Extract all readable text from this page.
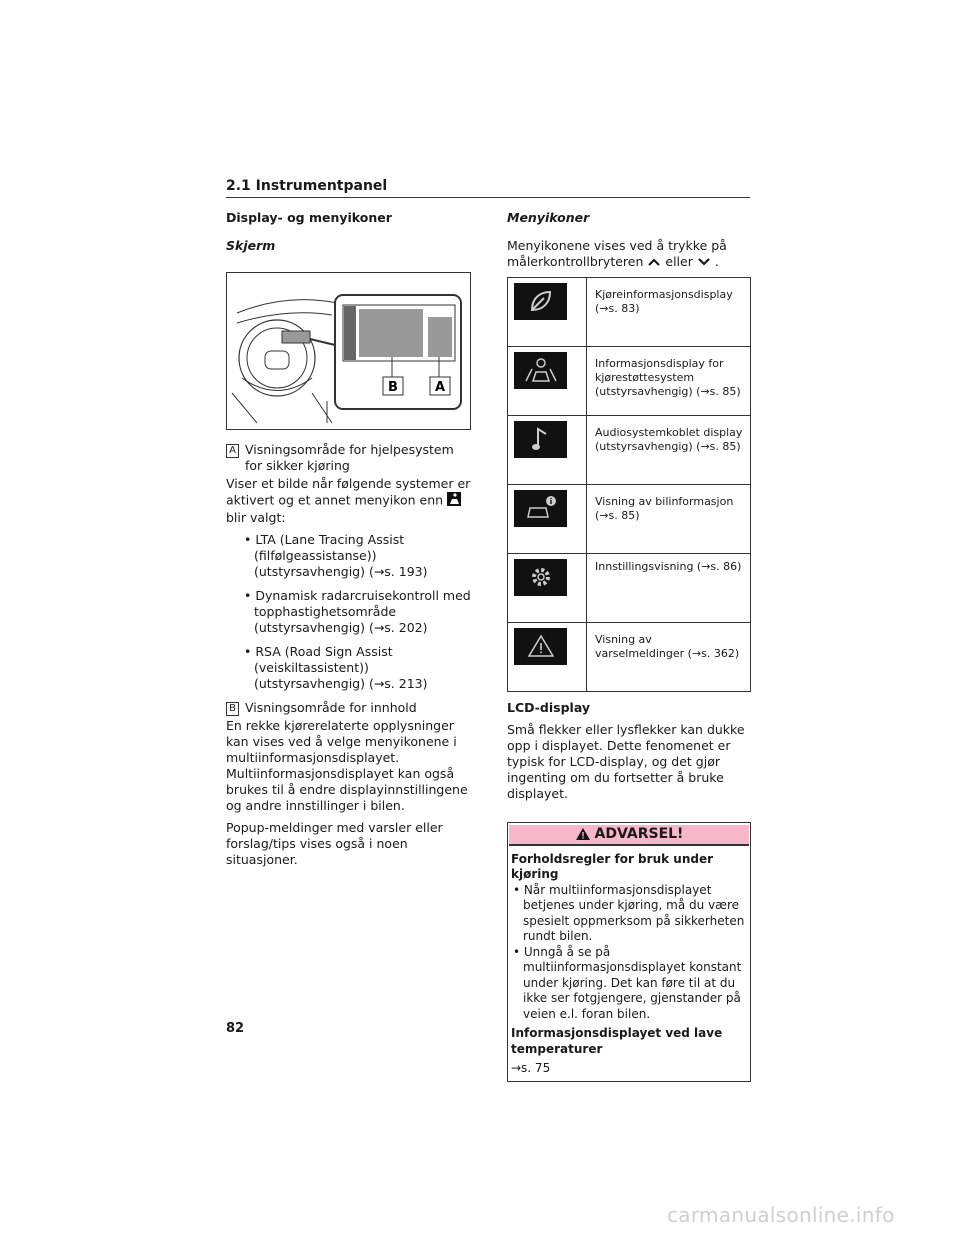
2.1 Instrumentpanel
Display- og menyikoner
Skjerm
B	A
A Visningsområde for hjelpesystem for sikker kjøring

Viser et bilde når følgende systemer er aktivert og et annet menyikon enn  blir valgt:

• LTA (Lane Tracing Assist
(filfølgeassistanse))
(utstyrsavhengig) (→s. 193)
• Dynamisk radarcruisekontroll med
topphastighetsområde
(utstyrsavhengig) (→s. 202)
• RSA (Road Sign Assist
(veiskiltassistent))
(utstyrsavhengig) (→s. 213)
B Visningsområde for innhold

En rekke kjørerelaterte opplysninger kan vises ved å velge menyikonene i multiinformasjonsdisplayet. Multiinformasjonsdisplayet kan også brukes til å endre displayinnstillingene og andre innstillinger i bilen.

Popup-meldinger med varsler eller forslag/tips vises også i noen situasjoner.

Menyikoner

Menyikonene vises ved å trykke på målerkontrollbryteren eller .

	Kjøreinformasjonsdisplay (→s. 83)

	Informasjonsdisplay for kjørestøttesystem (utstyrsavhengig) (→s. 85)

	Audiosystemkoblet display (utstyrsavhengig) (→s. 85)

	Visning av bilinformasjon (→s. 85)

	Innstillingsvisning (→s. 86)

	Visning av varselmeldinger (→s. 362)
LCD-display

Små flekker eller lysflekker kan dukke opp i displayet. Dette fenomenet er typisk for LCD-display, og det gjør ingenting om du fortsetter å bruke displayet.

ADVARSEL!
Forholdsregler for bruk under kjøring
• Når multiinformasjonsdisplayet betjenes under kjøring, må du være spesielt oppmerksom på sikkerheten rundt bilen.
• Unngå å se på multiinformasjonsdisplayet konstant under kjøring. Det kan føre til at du ikke ser fotgjengere, gjenstander på veien e.l. foran bilen.
Informasjonsdisplayet ved lave temperaturer
→s. 75
82
carmanualsonline.info
